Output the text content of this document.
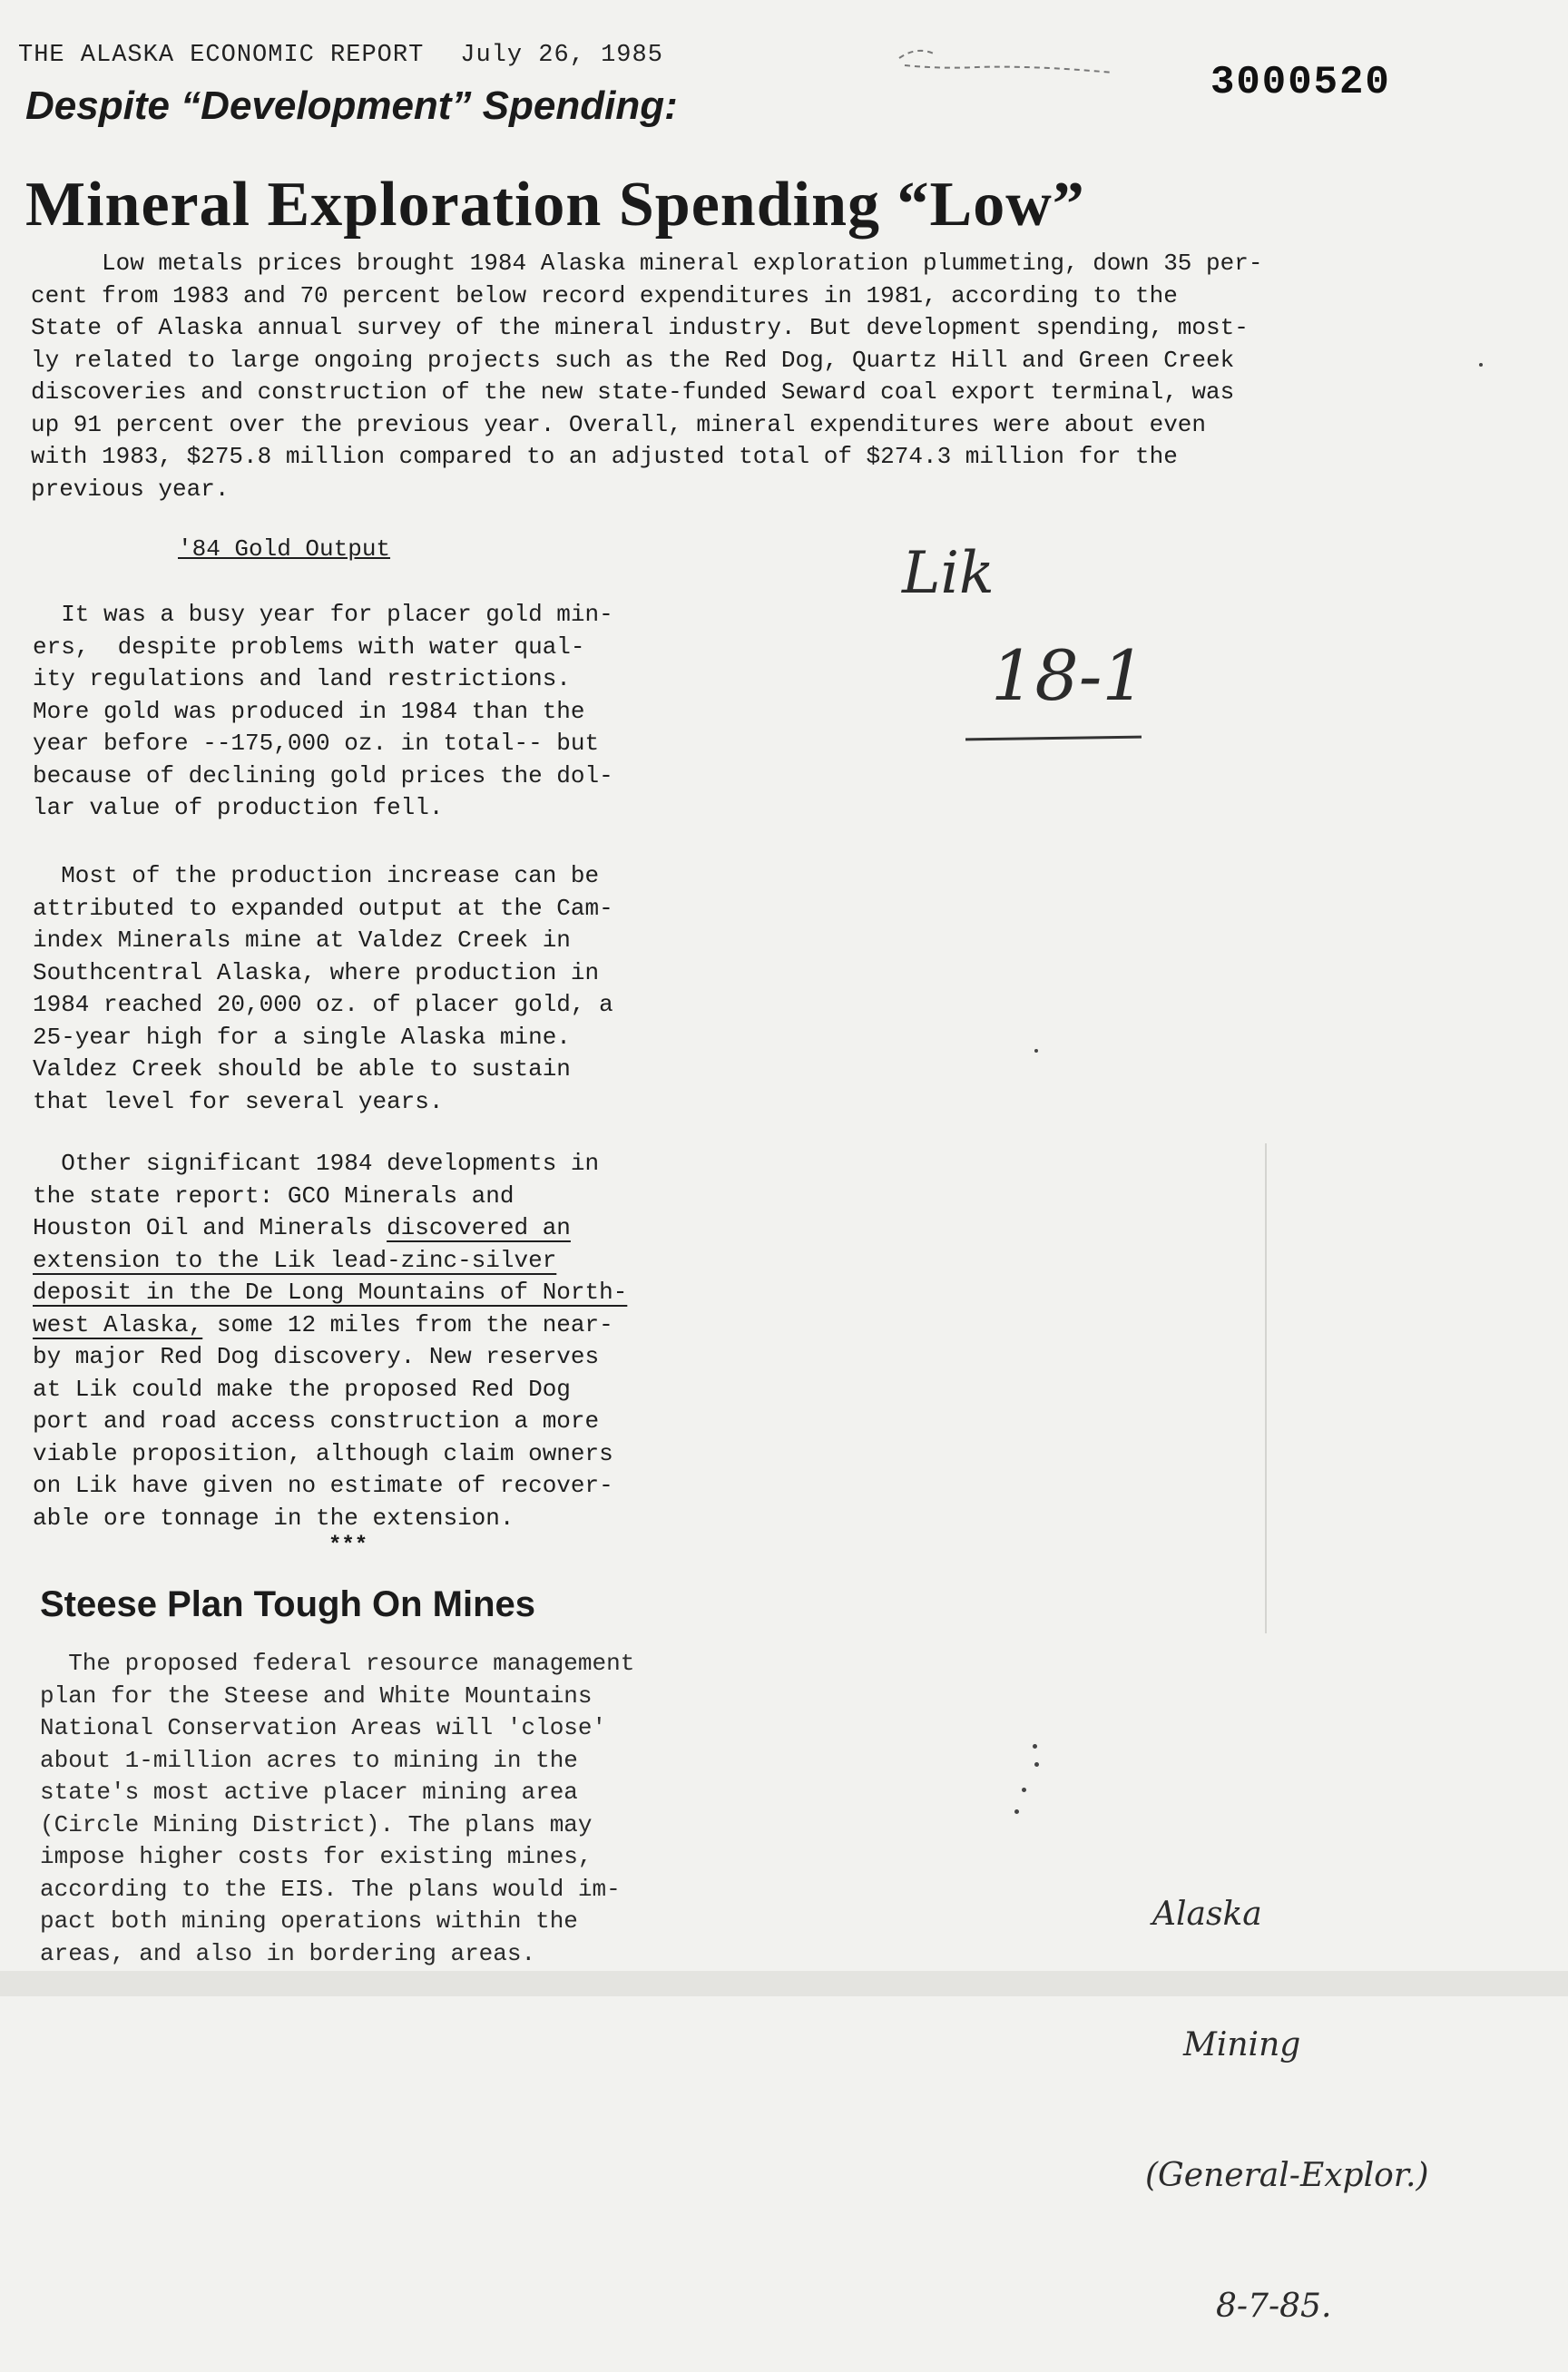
THE ALASKA ECONOMIC REPORT July 26, 1985
3000520
Despite “Development” Spending:
Mineral Exploration Spending “Low”

Low metals prices brought 1984 Alaska mineral exploration plummeting, down 35 per-
cent from 1983 and 70 percent below record expenditures in 1981, according to the
State of Alaska annual survey of the mineral industry. But development spending, most-
ly related to large ongoing projects such as the Red Dog, Quartz Hill and Green Creek
discoveries and construction of the new state-funded Seward coal export terminal, was
up 91 percent over the previous year. Overall, mineral expenditures were about even
with 1983, $275.8 million compared to an adjusted total of $274.3 million for the
previous year.

'84 Gold Output

It was a busy year for placer gold min-
ers,  despite problems with water qual-
ity regulations and land restrictions.
More gold was produced in 1984 than the
year before --175,000 oz. in total-- but
because of declining gold prices the dol-
lar value of production fell.

Most of the production increase can be
attributed to expanded output at the Cam-
index Minerals mine at Valdez Creek in
Southcentral Alaska, where production in
1984 reached 20,000 oz. of placer gold, a
25-year high for a single Alaska mine.
Valdez Creek should be able to sustain
that level for several years.

Other significant 1984 developments in
the state report: GCO Minerals and
Houston Oil and Minerals discovered an
extension to the Lik lead-zinc-silver
deposit in the De Long Mountains of North-
west Alaska, some 12 miles from the near-
by major Red Dog discovery. New reserves
at Lik could make the proposed Red Dog
port and road access construction a more
viable proposition, although claim owners
on Lik have given no estimate of recover-
able ore tonnage in the extension.

***
Steese Plan Tough On Mines

The proposed federal resource management
plan for the Steese and White Mountains
National Conservation Areas will 'close'
about 1-million acres to mining in the
state's most active placer mining area
(Circle Mining District). The plans may
impose higher costs for existing mines,
according to the EIS. The plans would im-
pact both mining operations within the
areas, and also in bordering areas.

Lik
18-1

Alaska

Mining

(General-Explor.)

8-7-85.
